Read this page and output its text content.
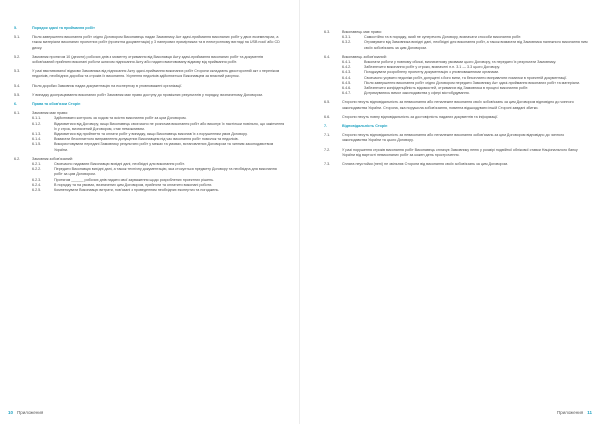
5.	Порядок здачі та приймання робіт
5.1.	Після завершення виконання робіт згідно Договором Виконавець надає Замовнику Акт здачі-приймання виконаних робіт у двох екземплярах, а також матеріали виконаних проектних робіт (проектна документація) у 3 паперових примірниках та в електронному вигляді на USB носії або CD диску.
5.2.	Замовник протягом 10 (десяти) робочих днів з моменту отримання від Виконавця Акту здачі-приймання виконаних робіт та документів зобов'язаний прийняти виконані роботи шляхом підписання Акту або надати вмотивовану відмову від приймання робіт.
5.3.	У разі вмотивованої відмови Замовника від підписання Акту здачі-приймання виконаних робіт Сторони складають двосторонній акт з переліком недоліків, необхідних доробок та строків їх виконання. Усунення недоліків здійснюється Виконавцем за власний рахунок.
5.4.	Після доробки Замовник надає документацію на експертизу в уповноважені організації.
5.5.	У випадку доопрацювання виконаних робіт Замовник має право доступу до проміжних результатів у порядку, визначеному Договором.
6.	Права та обов'язки Сторін
6.1.	Замовник має право:
6.1.1.	Здійснювати контроль за ходом та якістю виконання робіт за цим Договором.
6.1.2.	Відмовитися від Договору, якщо Виконавець своєчасно не розпочав виконання робіт або виконує їх настільки повільно, що закінчення їх у строк, визначений Договором, стає неможливим.
6.1.3.	Відмовитися від прийняття та оплати робіт у випадку, якщо Виконавець виконав їх з порушенням умов Договору.
6.1.4.	Вимагати безоплатного виправлення допущених Виконавцем під час виконання робіт помилок та недоліків.
6.1.5.	Використовувати передані Замовнику результати робіт у межах та умовах, встановлених Договором та чинним законодавством України.
6.2.	Замовник зобов'язаний:
6.2.1.	Своєчасно надавати Виконавцю вихідні дані, необхідні для виконання робіт.
6.2.2.	Передати Виконавцю вихідні дані, а також технічну документацію, яка стосується предмету Договору та необхідна для виконання робіт за цим Договором.
6.2.3.	Протягом ______ робочих днів надати свої зауваження щодо розроблених проектних рішень.
6.2.4.	В порядку та на умовах, визначених цим Договором, прийняти та оплатити виконані роботи.
6.2.5.	Компенсувати Виконавцю витрати, пов'язані з проведенням необхідних експертиз та погоджень.
10 Приложения
6.3.	Виконавець має право:
6.3.1.	Самостійно та в порядку, який не суперечить Договору, визначати способи виконання робіт.
6.3.2.	Отримувати від Замовника вихідні дані, необхідні для виконання робіт, а також вимагати від Замовника належного виконання ним своїх зобов'язань за цим Договором.
6.4.	Виконавець зобов'язаний:
6.4.1.	Виконати роботи у повному обсязі, визначеному умовами цього Договору, та передати їх результати Замовнику.
6.4.2.	Забезпечити виконання робіт у строки, визначені п.п. 3.1 — 3.3 цього Договору.
6.4.3.	Погоджувати розроблену проектну документацію з уповноваженими органами.
6.4.4.	Своєчасно усувати недоліки робіт, допущені з його вини, та безоплатно виправляти помилки в проектній документації.
6.4.5.	Після завершення виконання робіт згідно Договором передати Замовнику Акт здачі-приймання виконаних робіт та матеріали.
6.4.6.	Забезпечити конфіденційність відомостей, отриманих від Замовника в процесі виконання робіт.
6.4.7.	Дотримуватись вимог законодавства у сфері містобудування.
6.5.	Сторони несуть відповідальність за невиконання або неналежне виконання своїх зобов'язань за цим Договором відповідно до чинного законодавства України. Сторона, яка порушила зобов'язання, повинна відшкодувати іншій Стороні завдані збитки.
6.6.	Сторони несуть повну відповідальність за достовірність наданих документів та інформації.
7.	Відповідальність Сторін
7.1.	Сторони несуть відповідальність за невиконання або неналежне виконання зобов'язань за цим Договором відповідно до чинного законодавства України та цього Договору.
7.2.	У разі порушення строків виконання робіт Виконавець сплачує Замовнику пеню у розмірі подвійної облікової ставки Національного банку України від вартості невиконаних робіт за кожен день прострочення.
7.3.	Сплата неустойки (пені) не звільняє Сторони від виконання своїх зобов'язань за цим Договором.
Приложения 11
